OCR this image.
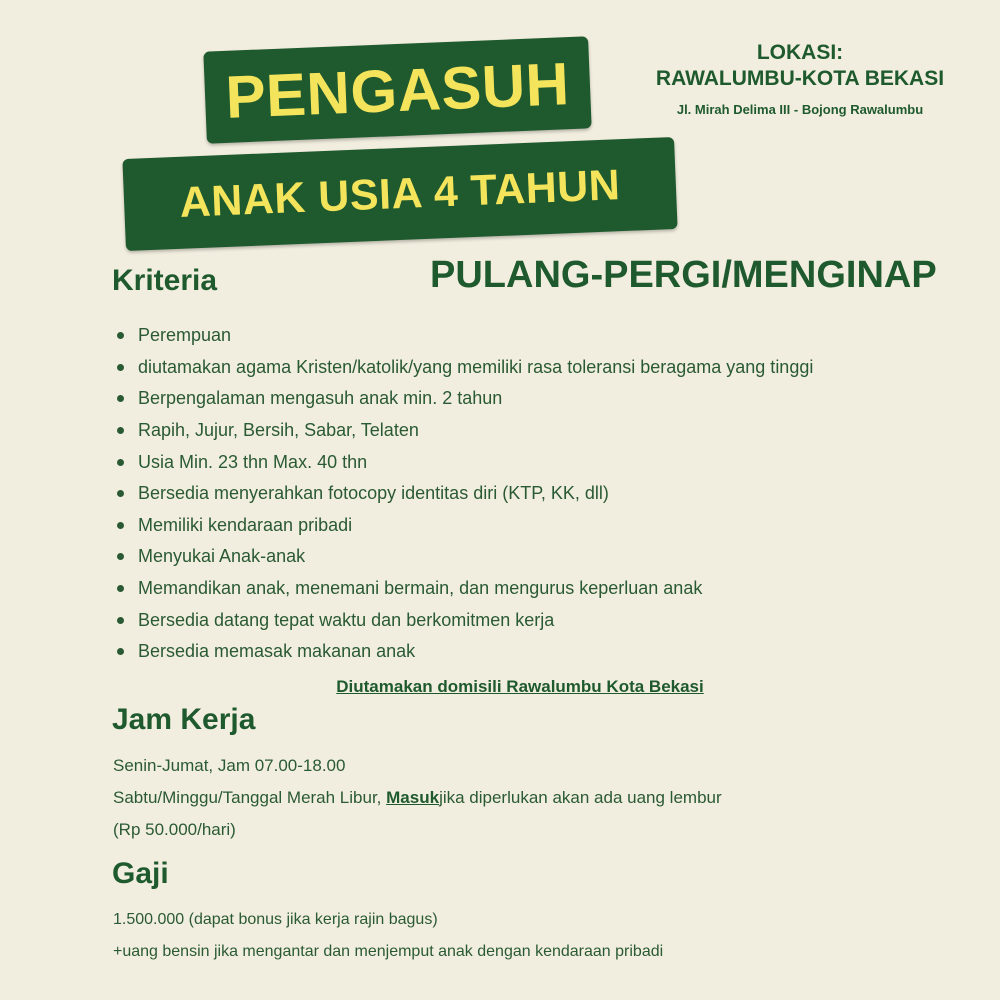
PENGASUH
ANAK USIA 4 TAHUN
LOKASI:
RAWALUMBU-KOTA BEKASI
Jl. Mirah Delima III - Bojong Rawalumbu
PULANG-PERGI/MENGINAP
Kriteria
Perempuan
diutamakan agama Kristen/katolik/yang memiliki rasa toleransi beragama yang tinggi
Berpengalaman mengasuh anak min. 2 tahun
Rapih, Jujur, Bersih, Sabar, Telaten
Usia Min. 23 thn Max. 40 thn
Bersedia menyerahkan fotocopy identitas diri (KTP, KK, dll)
Memiliki kendaraan pribadi
Menyukai Anak-anak
Memandikan anak, menemani bermain, dan mengurus keperluan anak
Bersedia datang tepat waktu dan berkomitmen kerja
Bersedia memasak makanan anak
Diutamakan domisili Rawalumbu Kota Bekasi
Jam Kerja
Senin-Jumat, Jam 07.00-18.00
Sabtu/Minggu/Tanggal Merah Libur,
Masuk jika diperlukan akan ada uang lembur
(Rp 50.000/hari)
Gaji
1.500.000 (dapat bonus jika kerja rajin bagus)
+uang bensin jika mengantar dan menjemput anak dengan kendaraan pribadi
